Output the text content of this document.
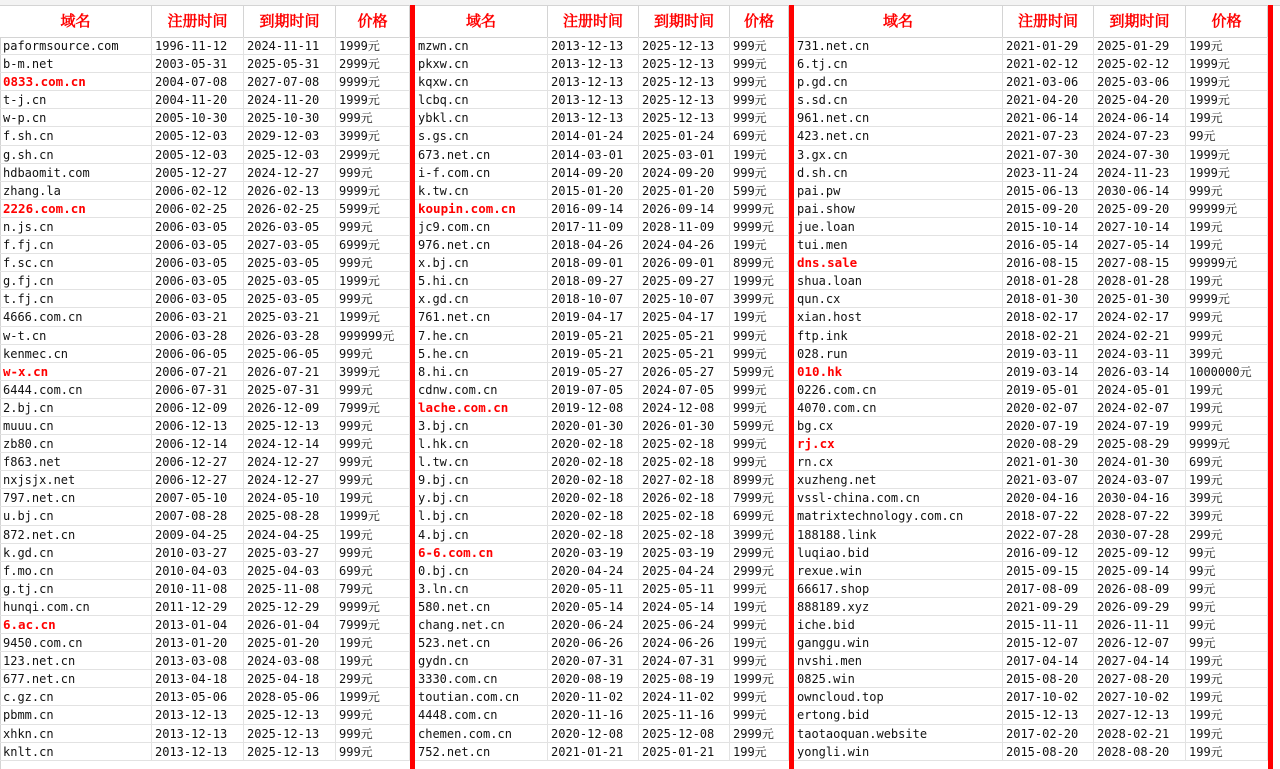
域名	注册时间	到期时间	价格
paformsource.com	1996-11-12	2024-11-11	1999元
b-m.net	2003-05-31	2025-05-31	2999元
0833.com.cn	2004-07-08	2027-07-08	9999元
t-j.cn	2004-11-20	2024-11-20	1999元
w-p.cn	2005-10-30	2025-10-30	999元
f.sh.cn	2005-12-03	2029-12-03	3999元
g.sh.cn	2005-12-03	2025-12-03	2999元
hdbaomit.com	2005-12-27	2024-12-27	999元
zhang.la	2006-02-12	2026-02-13	9999元
2226.com.cn	2006-02-25	2026-02-25	5999元
n.js.cn	2006-03-05	2026-03-05	999元
f.fj.cn	2006-03-05	2027-03-05	6999元
f.sc.cn	2006-03-05	2025-03-05	999元
g.fj.cn	2006-03-05	2025-03-05	1999元
t.fj.cn	2006-03-05	2025-03-05	999元
4666.com.cn	2006-03-21	2025-03-21	1999元
w-t.cn	2006-03-28	2026-03-28	999999元
kenmec.cn	2006-06-05	2025-06-05	999元
w-x.cn	2006-07-21	2026-07-21	3999元
6444.com.cn	2006-07-31	2025-07-31	999元
2.bj.cn	2006-12-09	2026-12-09	7999元
muuu.cn	2006-12-13	2025-12-13	999元
zb80.cn	2006-12-14	2024-12-14	999元
f863.net	2006-12-27	2024-12-27	999元
nxjsjx.net	2006-12-27	2024-12-27	999元
797.net.cn	2007-05-10	2024-05-10	199元
u.bj.cn	2007-08-28	2025-08-28	1999元
872.net.cn	2009-04-25	2024-04-25	199元
k.gd.cn	2010-03-27	2025-03-27	999元
f.mo.cn	2010-04-03	2025-04-03	699元
g.tj.cn	2010-11-08	2025-11-08	799元
hunqi.com.cn	2011-12-29	2025-12-29	9999元
6.ac.cn	2013-01-04	2026-01-04	7999元
9450.com.cn	2013-01-20	2025-01-20	199元
123.net.cn	2013-03-08	2024-03-08	199元
677.net.cn	2013-04-18	2025-04-18	299元
c.gz.cn	2013-05-06	2028-05-06	1999元
pbmm.cn	2013-12-13	2025-12-13	999元
xhkn.cn	2013-12-13	2025-12-13	999元
knlt.cn	2013-12-13	2025-12-13	999元
域名	注册时间	到期时间	价格
mzwn.cn	2013-12-13	2025-12-13	999元
pkxw.cn	2013-12-13	2025-12-13	999元
kqxw.cn	2013-12-13	2025-12-13	999元
lcbq.cn	2013-12-13	2025-12-13	999元
ybkl.cn	2013-12-13	2025-12-13	999元
s.gs.cn	2014-01-24	2025-01-24	699元
673.net.cn	2014-03-01	2025-03-01	199元
i-f.com.cn	2014-09-20	2024-09-20	999元
k.tw.cn	2015-01-20	2025-01-20	599元
koupin.com.cn	2016-09-14	2026-09-14	9999元
jc9.com.cn	2017-11-09	2028-11-09	9999元
976.net.cn	2018-04-26	2024-04-26	199元
x.bj.cn	2018-09-01	2026-09-01	8999元
5.hi.cn	2018-09-27	2025-09-27	1999元
x.gd.cn	2018-10-07	2025-10-07	3999元
761.net.cn	2019-04-17	2025-04-17	199元
7.he.cn	2019-05-21	2025-05-21	999元
5.he.cn	2019-05-21	2025-05-21	999元
8.hi.cn	2019-05-27	2026-05-27	5999元
cdnw.com.cn	2019-07-05	2024-07-05	999元
lache.com.cn	2019-12-08	2024-12-08	999元
3.bj.cn	2020-01-30	2026-01-30	5999元
l.hk.cn	2020-02-18	2025-02-18	999元
l.tw.cn	2020-02-18	2025-02-18	999元
9.bj.cn	2020-02-18	2027-02-18	8999元
y.bj.cn	2020-02-18	2026-02-18	7999元
l.bj.cn	2020-02-18	2025-02-18	6999元
4.bj.cn	2020-02-18	2025-02-18	3999元
6-6.com.cn	2020-03-19	2025-03-19	2999元
0.bj.cn	2020-04-24	2025-04-24	2999元
3.ln.cn	2020-05-11	2025-05-11	999元
580.net.cn	2020-05-14	2024-05-14	199元
chang.net.cn	2020-06-24	2025-06-24	999元
523.net.cn	2020-06-26	2024-06-26	199元
gydn.cn	2020-07-31	2024-07-31	999元
3330.com.cn	2020-08-19	2025-08-19	1999元
toutian.com.cn	2020-11-02	2024-11-02	999元
4448.com.cn	2020-11-16	2025-11-16	999元
chemen.com.cn	2020-12-08	2025-12-08	2999元
752.net.cn	2021-01-21	2025-01-21	199元
域名	注册时间	到期时间	价格
731.net.cn	2021-01-29	2025-01-29	199元
6.tj.cn	2021-02-12	2025-02-12	1999元
p.gd.cn	2021-03-06	2025-03-06	1999元
s.sd.cn	2021-04-20	2025-04-20	1999元
961.net.cn	2021-06-14	2024-06-14	199元
423.net.cn	2021-07-23	2024-07-23	99元
3.gx.cn	2021-07-30	2024-07-30	1999元
d.sh.cn	2023-11-24	2024-11-23	1999元
pai.pw	2015-06-13	2030-06-14	999元
pai.show	2015-09-20	2025-09-20	99999元
jue.loan	2015-10-14	2027-10-14	199元
tui.men	2016-05-14	2027-05-14	199元
dns.sale	2016-08-15	2027-08-15	99999元
shua.loan	2018-01-28	2028-01-28	199元
qun.cx	2018-01-30	2025-01-30	9999元
xian.host	2018-02-17	2024-02-17	999元
ftp.ink	2018-02-21	2024-02-21	999元
028.run	2019-03-11	2024-03-11	399元
010.hk	2019-03-14	2026-03-14	1000000元
0226.com.cn	2019-05-01	2024-05-01	199元
4070.com.cn	2020-02-07	2024-02-07	199元
bg.cx	2020-07-19	2024-07-19	999元
rj.cx	2020-08-29	2025-08-29	9999元
rn.cx	2021-01-30	2024-01-30	699元
xuzheng.net	2021-03-07	2024-03-07	199元
vssl-china.com.cn	2020-04-16	2030-04-16	399元
matrixtechnology.com.cn	2018-07-22	2028-07-22	399元
188188.link	2022-07-28	2030-07-28	299元
luqiao.bid	2016-09-12	2025-09-12	99元
rexue.win	2015-09-15	2025-09-14	99元
66617.shop	2017-08-09	2026-08-09	99元
888189.xyz	2021-09-29	2026-09-29	99元
iche.bid	2015-11-11	2026-11-11	99元
ganggu.win	2015-12-07	2026-12-07	99元
nvshi.men	2017-04-14	2027-04-14	199元
0825.win	2015-08-20	2027-08-20	199元
owncloud.top	2017-10-02	2027-10-02	199元
ertong.bid	2015-12-13	2027-12-13	199元
taotaoquan.website	2017-02-20	2028-02-21	199元
yongli.win	2015-08-20	2028-08-20	199元
